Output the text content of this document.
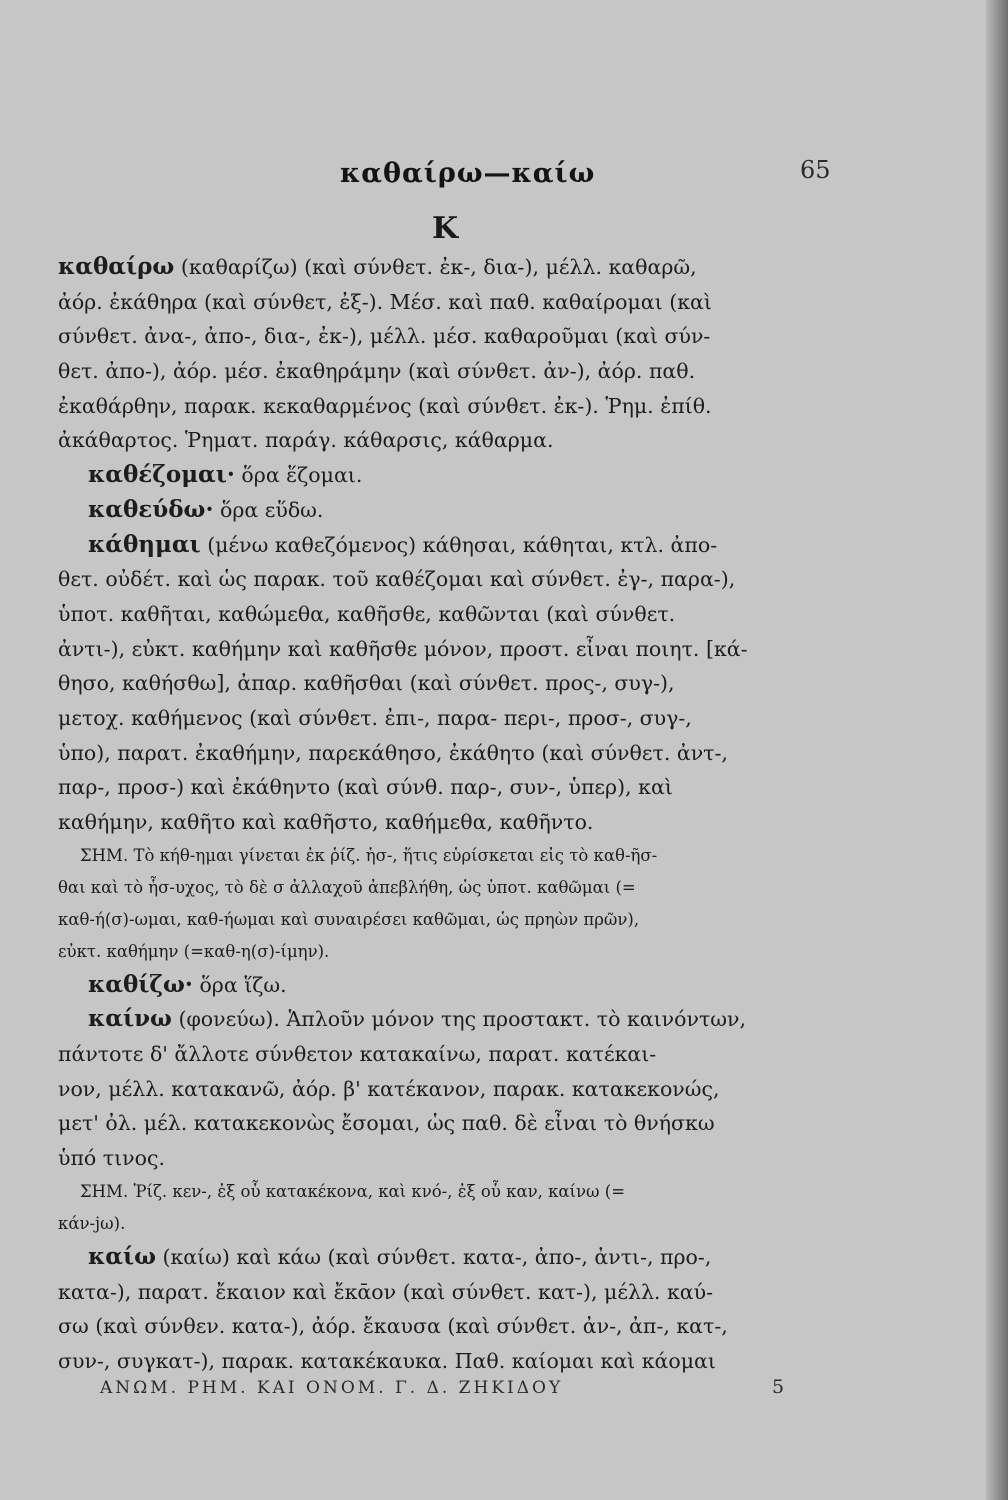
καθαίρω—καίω	65
K
καθαίρω (καθαρίζω) (καὶ σύνθετ. ἐκ-, δια-), μέλλ. καθαρῶ,
ἀόρ. ἐκάθηρα (καὶ σύνθετ, ἐξ-). Μέσ. καὶ παθ. καθαίρομαι (καὶ
σύνθετ. ἀνα-, ἀπο-, δια-, ἐκ-), μέλλ. μέσ. καθαροῦμαι (καὶ σύν-
θετ. ἀπο-), ἀόρ. μέσ. ἐκαθηράμην (καὶ σύνθετ. ἀν-), ἀόρ. παθ.
ἐκαθάρθην, παρακ. κεκαθαρμένος (καὶ σύνθετ. ἐκ-). Ῥημ. ἐπίθ.
ἀκάθαρτος. Ῥηματ. παράγ. κάθαρσις, κάθαρμα.
καθέζομαι· ὅρα ἕζομαι.
καθεύδω· ὅρα εὕδω.
κάθημαι (μένω καθεζόμενος) κάθησαι, κάθηται, κτλ. ἀπο-
θετ. οὐδέτ. καὶ ὡς παρακ. τοῦ καθέζομαι καὶ σύνθετ. ἐγ-, παρα-),
ὑποτ. καθῆται, καθώμεθα, καθῆσθε, καθῶνται (καὶ σύνθετ.
ἀντι-), εὐκτ. καθήμην καὶ καθῆσθε μόνον, προστ. εἶναι ποιητ. [κά-
θησο, καθήσθω], ἀπαρ. καθῆσθαι (καὶ σύνθετ. προς-, συγ-),
μετοχ. καθήμενος (καὶ σύνθετ. ἐπι-, παρα- περι-, προσ-, συγ-,
ὑπο), παρατ. ἐκαθήμην, παρεκάθησο, ἐκάθητο (καὶ σύνθετ. ἀντ-,
παρ-, προσ-) καὶ ἐκάθηντο (καὶ σύνθ. παρ-, συν-, ὑπερ), καὶ
καθήμην, καθῆτο καὶ καθῆστο, καθήμεθα, καθῆντο.
ΣΗΜ. Τὸ κήθ-ημαι γίνεται ἐκ ῥίζ. ἡσ-, ἥτις εὑρίσκεται εἰς τὸ καθ-ῆσ-
θαι καὶ τὸ ἧσ-υχος, τὸ δὲ σ ἀλλαχοῦ ἀπεβλήθη, ὡς ὑποτ. καθῶμαι (=
καθ-ή(σ)-ωμαι, καθ-ήωμαι καὶ συναιρέσει καθῶμαι, ὡς πρηὼν πρῶν),
εὐκτ. καθήμην (=καθ-η(σ)-ίμην).
καθίζω· ὅρα ἵζω.
καίνω (φονεύω). Ἁπλοῦν μόνον της προστακτ. τὸ καινόντων,
πάντοτε δ' ἄλλοτε σύνθετον κατακαίνω, παρατ. κατέκαι-
νον, μέλλ. κατακανῶ, ἀόρ. β' κατέκανον, παρακ. κατακεκονώς,
μετ' ὀλ. μέλ. κατακεκονὼς ἔσομαι, ὡς παθ. δὲ εἶναι τὸ θνήσκω
ὑπό τινος.
ΣΗΜ. Ῥίζ. κεν-, ἐξ οὗ κατακέκονα, καὶ κνό-, ἐξ οὗ καν, καίνω (=
κάν-jω).
καίω (καίω) καὶ κάω (καὶ σύνθετ. κατα-, ἀπο-, ἀντι-, προ-,
κατα-), παρατ. ἔκαιον καὶ ἔκᾱον (καὶ σύνθετ. κατ-), μέλλ. καύ-
σω (καὶ σύνθεν. κατα-), ἀόρ. ἔκαυσα (καὶ σύνθετ. ἀν-, ἀπ-, κατ-,
συν-, συγκατ-), παρακ. κατακέκαυκα. Παθ. καίομαι καὶ κάομαι
ΑΝΩΜ. ΡΗΜ. ΚΑΙ ΟΝΟΜ. Γ. Δ. ΖΗΚΙΔΟΥ	5
